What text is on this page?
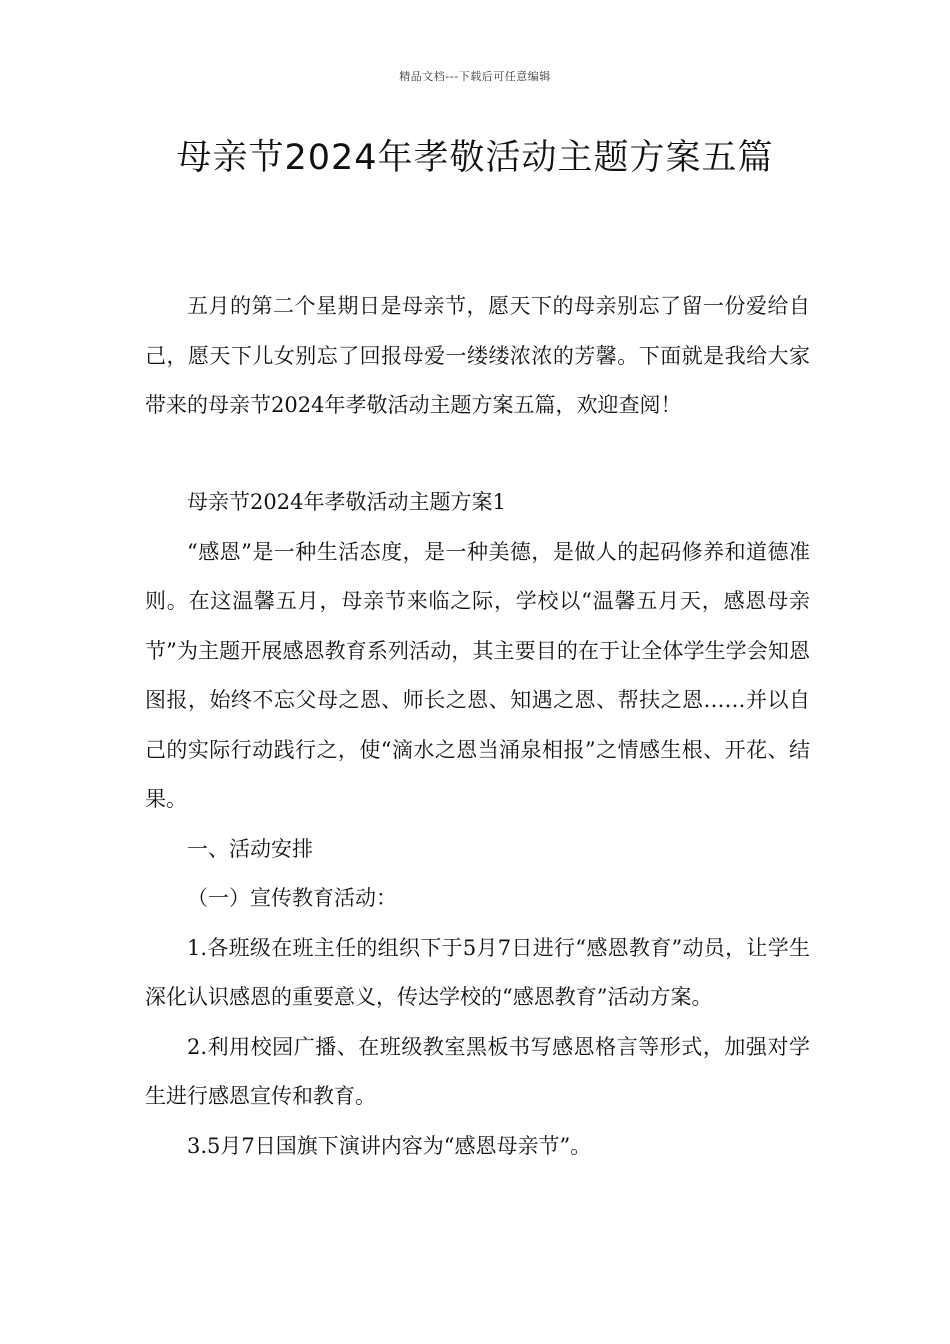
精品文档---下载后可任意编辑
母亲节2024年孝敬活动主题方案五篇

五月的第二个星期日是母亲节，愿天下的母亲别忘了留一份爱给自己，愿天下儿女别忘了回报母爱一缕缕浓浓的芳馨。下面就是我给大家带来的母亲节2024年孝敬活动主题方案五篇，欢迎查阅！

母亲节2024年孝敬活动主题方案1

“感恩”是一种生活态度，是一种美德，是做人的起码修养和道德准则。在这温馨五月，母亲节来临之际，学校以“温馨五月天，感恩母亲节”为主题开展感恩教育系列活动，其主要目的在于让全体学生学会知恩图报，始终不忘父母之恩、师长之恩、知遇之恩、帮扶之恩……并以自己的实际行动践行之，使“滴水之恩当涌泉相报”之情感生根、开花、结果。

一、活动安排

（一）宣传教育活动：

1.各班级在班主任的组织下于5月7日进行“感恩教育”动员，让学生深化认识感恩的重要意义，传达学校的“感恩教育”活动方案。

2.利用校园广播、在班级教室黑板书写感恩格言等形式，加强对学生进行感恩宣传和教育。

3.5月7日国旗下演讲内容为“感恩母亲节”。
